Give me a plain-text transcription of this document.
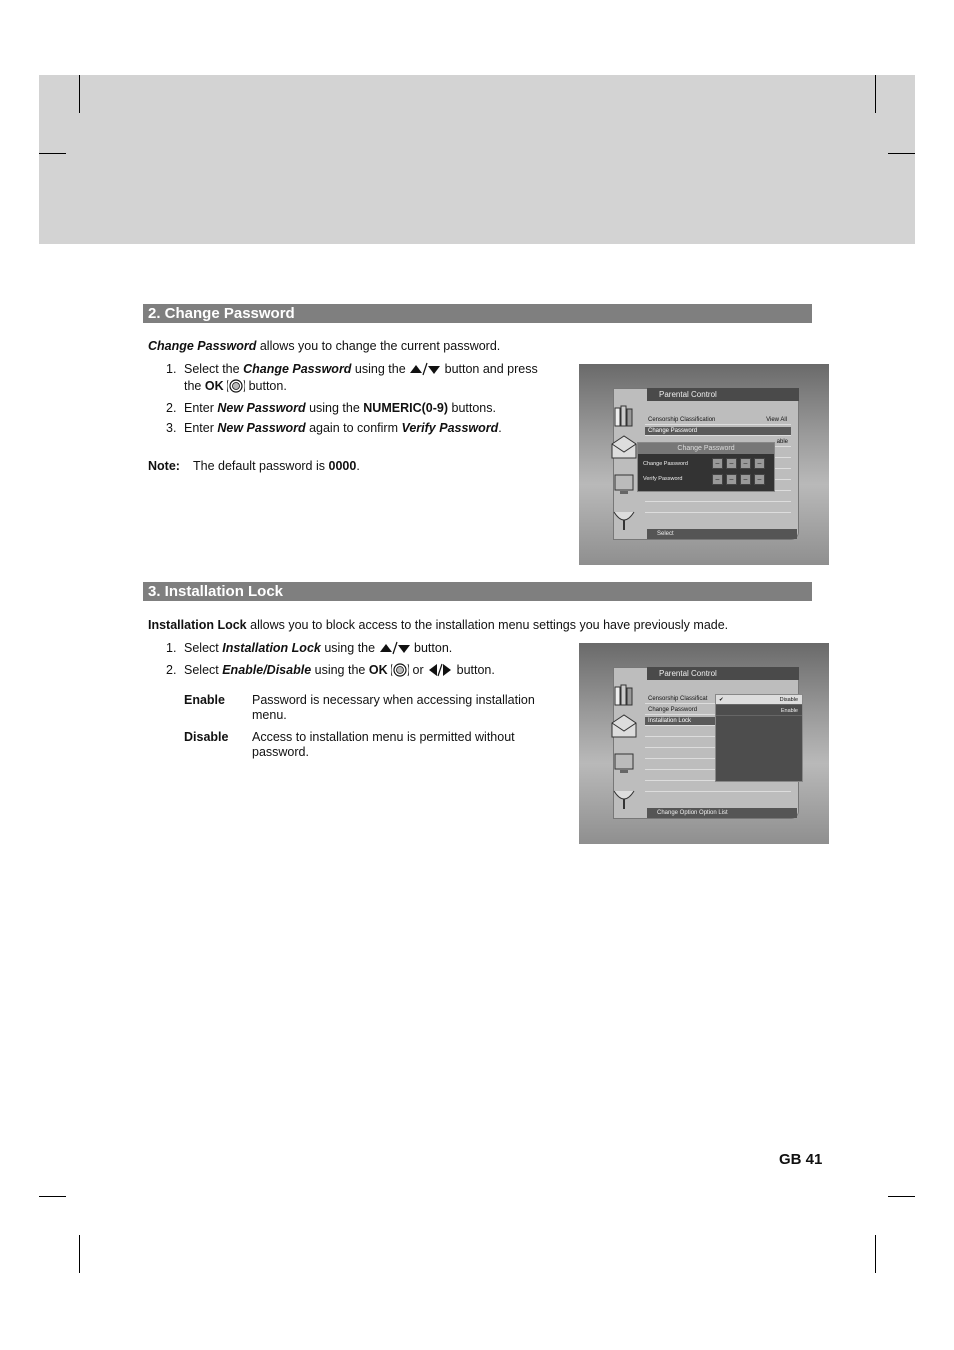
2. Change Password
Change Password allows you to change the current password.
1. Select the Change Password using the	button and press
the OK  button.
2. Enter New Password using the NUMERIC(0-9) buttons.
3. Enter New Password again to confirm Verify Password.
Note: The default password is 0000.
Parental Control
Censorship Classification	View All
Change Password
able
Change Password
Change Password
Verify Password
–	–	–	–
–	–	–	–
Select
3. Installation Lock
Installation Lock allows you to block access to the installation menu settings you have previously made.
1. Select Installation Lock using the	button.
2. Select Enable/Disable using the OK  or  button.
Enable Password is necessary when accessing installation
menu.
Disable Access to installation menu is permitted without
password.
Parental Control
Censorship Classificat
Change Password
Installation Lock
✔	Disable
Enable
Change Option Option List
GB 41
